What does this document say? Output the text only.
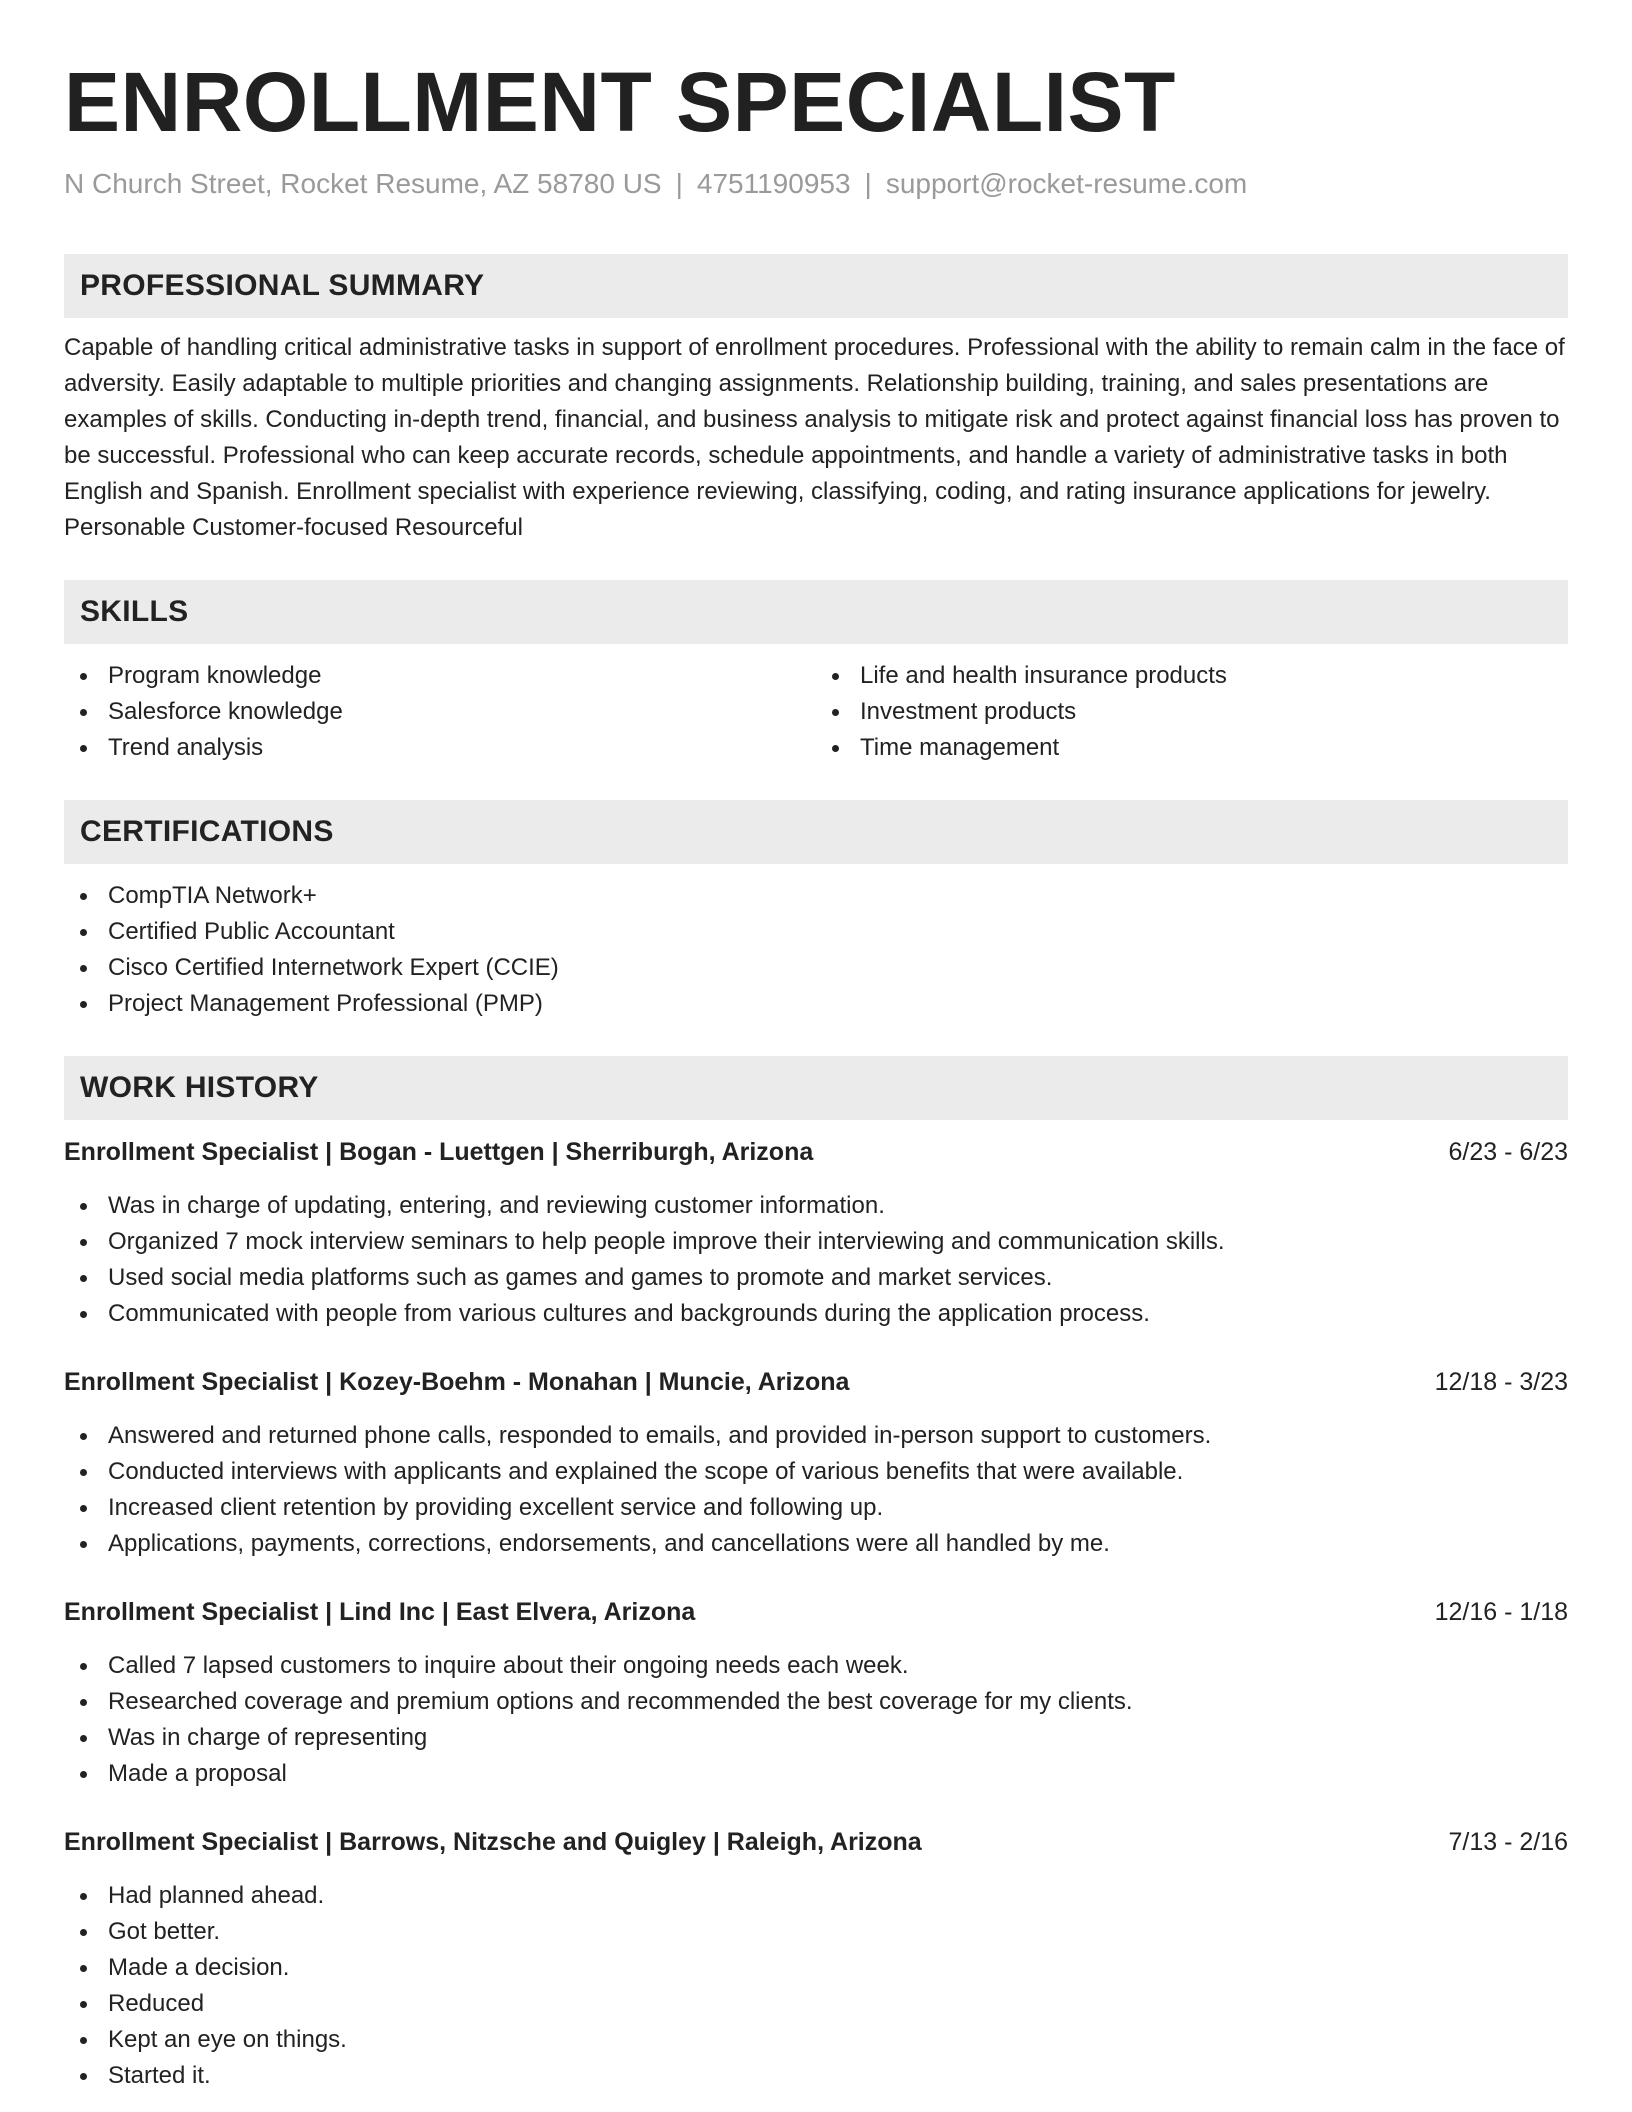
ENROLLMENT SPECIALIST
N Church Street, Rocket Resume, AZ 58780 US | 4751190953 | support@rocket-resume.com
PROFESSIONAL SUMMARY

Capable of handling critical administrative tasks in support of enrollment procedures. Professional with the ability to remain calm in the face of adversity. Easily adaptable to multiple priorities and changing assignments. Relationship building, training, and sales presentations are examples of skills. Conducting in-depth trend, financial, and business analysis to mitigate risk and protect against financial loss has proven to be successful. Professional who can keep accurate records, schedule appointments, and handle a variety of administrative tasks in both English and Spanish. Enrollment specialist with experience reviewing, classifying, coding, and rating insurance applications for jewelry. Personable Customer-focused Resourceful

SKILLS
Program knowledge
Salesforce knowledge
Trend analysis
Life and health insurance products
Investment products
Time management
CERTIFICATIONS
CompTIA Network+
Certified Public Accountant
Cisco Certified Internetwork Expert (CCIE)
Project Management Professional (PMP)
WORK HISTORY
Enrollment Specialist | Bogan - Luettgen | Sherriburgh, Arizona	6/23 - 6/23
Was in charge of updating, entering, and reviewing customer information.
Organized 7 mock interview seminars to help people improve their interviewing and communication skills.
Used social media platforms such as games and games to promote and market services.
Communicated with people from various cultures and backgrounds during the application process.
Enrollment Specialist | Kozey-Boehm - Monahan | Muncie, Arizona	12/18 - 3/23
Answered and returned phone calls, responded to emails, and provided in-person support to customers.
Conducted interviews with applicants and explained the scope of various benefits that were available.
Increased client retention by providing excellent service and following up.
Applications, payments, corrections, endorsements, and cancellations were all handled by me.
Enrollment Specialist | Lind Inc | East Elvera, Arizona	12/16 - 1/18
Called 7 lapsed customers to inquire about their ongoing needs each week.
Researched coverage and premium options and recommended the best coverage for my clients.
Was in charge of representing
Made a proposal
Enrollment Specialist | Barrows, Nitzsche and Quigley | Raleigh, Arizona	7/13 - 2/16
Had planned ahead.
Got better.
Made a decision.
Reduced
Kept an eye on things.
Started it.
